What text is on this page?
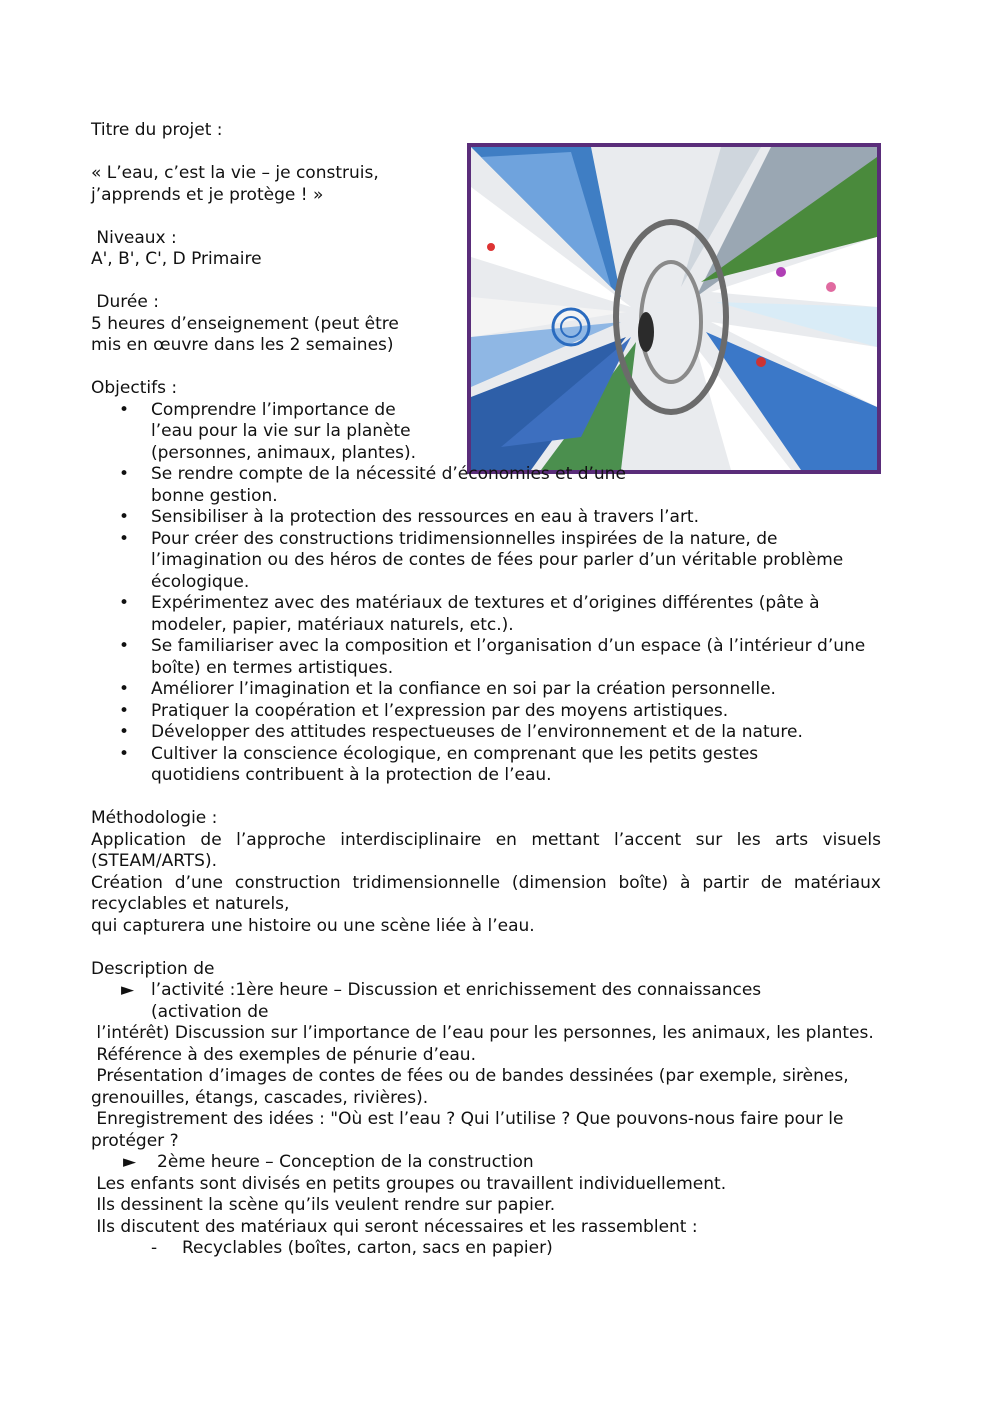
Titre du projet :

« L’eau, c’est la vie – je construis,

j’apprends et je protège ! »

Niveaux :

A', B', C', D Primaire

Durée :

5 heures d’enseignement (peut être

mis en œuvre dans les 2 semaines)

Objectifs :

• Comprendre l’importance de l’eau pour la vie sur la planète (personnes, animaux, plantes).
• Se rendre compte de la nécessité d’économies et d’une bonne gestion.
• Sensibiliser à la protection des ressources en eau à travers l’art.
• Pour créer des constructions tridimensionnelles inspirées de la nature, de l’imagination ou des héros de contes de fées pour parler d’un véritable problème écologique.
• Expérimentez avec des matériaux de textures et d’origines différentes (pâte à modeler, papier, matériaux naturels, etc.).
• Se familiariser avec la composition et l’organisation d’un espace (à l’intérieur d’une boîte) en termes artistiques.
• Améliorer l’imagination et la confiance en soi par la création personnelle.
• Pratiquer la coopération et l’expression par des moyens artistiques.
• Développer des attitudes respectueuses de l’environnement et de la nature.
• Cultiver la conscience écologique, en comprenant que les petits gestes quotidiens contribuent à la protection de l’eau.

Méthodologie :

Application de l’approche interdisciplinaire en mettant l’accent sur les arts visuels (STEAM/ARTS).

Création d’une construction tridimensionnelle (dimension boîte) à partir de matériaux recyclables et naturels,

qui capturera une histoire ou une scène liée à l’eau.

Description de

► l’activité :1ère heure – Discussion et enrichissement des connaissances (activation de

l’intérêt) Discussion sur l’importance de l’eau pour les personnes, les animaux, les plantes.

Référence à des exemples de pénurie d’eau.

Présentation d’images de contes de fées ou de bandes dessinées (par exemple, sirènes, grenouilles, étangs, cascades, rivières).

Enregistrement des idées : "Où est l’eau ? Qui l’utilise ? Que pouvons-nous faire pour le protéger ?

► 2ème heure – Conception de la construction

Les enfants sont divisés en petits groupes ou travaillent individuellement.

Ils dessinent la scène qu’ils veulent rendre sur papier.

Ils discutent des matériaux qui seront nécessaires et les rassemblent :

- Recyclables (boîtes, carton, sacs en papier)
